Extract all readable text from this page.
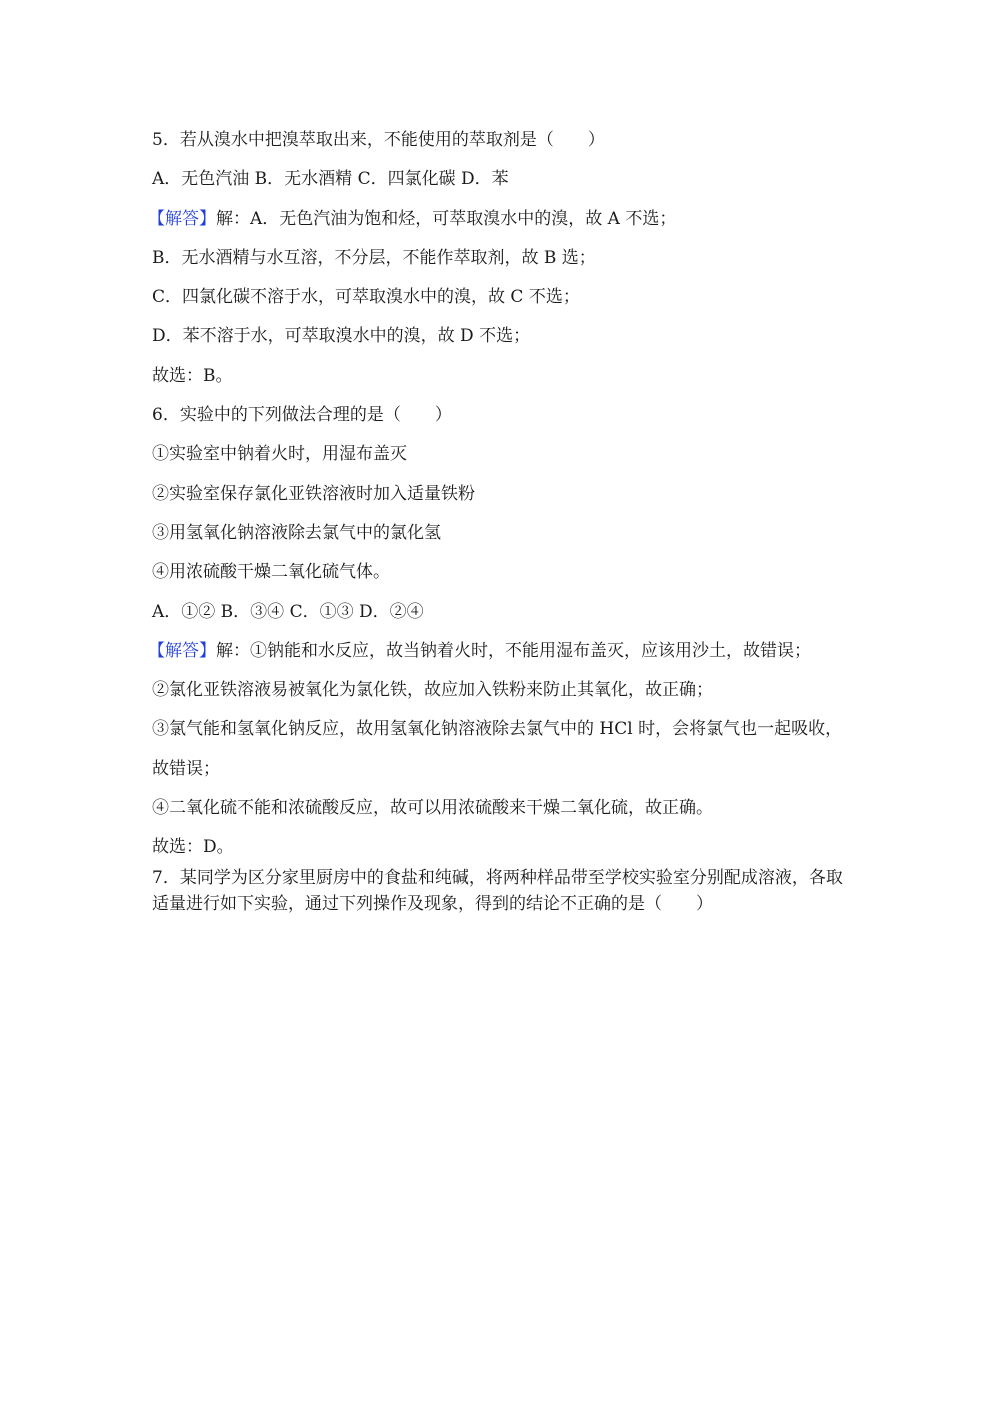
5．若从溴水中把溴萃取出来，不能使用的萃取剂是（　　）
A．无色汽油 B．无水酒精 C．四氯化碳 D．苯
【解答】解：A．无色汽油为饱和烃，可萃取溴水中的溴，故 A 不选；
B．无水酒精与水互溶，不分层，不能作萃取剂，故 B 选；
C．四氯化碳不溶于水，可萃取溴水中的溴，故 C 不选；
D．苯不溶于水，可萃取溴水中的溴，故 D 不选；
故选：B。
6．实验中的下列做法合理的是（　　）
①实验室中钠着火时，用湿布盖灭
②实验室保存氯化亚铁溶液时加入适量铁粉
③用氢氧化钠溶液除去氯气中的氯化氢
④用浓硫酸干燥二氧化硫气体。
A．①② B．③④ C．①③ D．②④
【解答】解：①钠能和水反应，故当钠着火时，不能用湿布盖灭，应该用沙土，故错误；
②氯化亚铁溶液易被氧化为氯化铁，故应加入铁粉来防止其氧化，故正确；
③氯气能和氢氧化钠反应，故用氢氧化钠溶液除去氯气中的 HCl 时，会将氯气也一起吸收，
故错误；
④二氧化硫不能和浓硫酸反应，故可以用浓硫酸来干燥二氧化硫，故正确。
故选：D。
7．某同学为区分家里厨房中的食盐和纯碱，将两种样品带至学校实验室分别配成溶液，各取适量进行如下实验，通过下列操作及现象，得到的结论不正确的是（　　）
